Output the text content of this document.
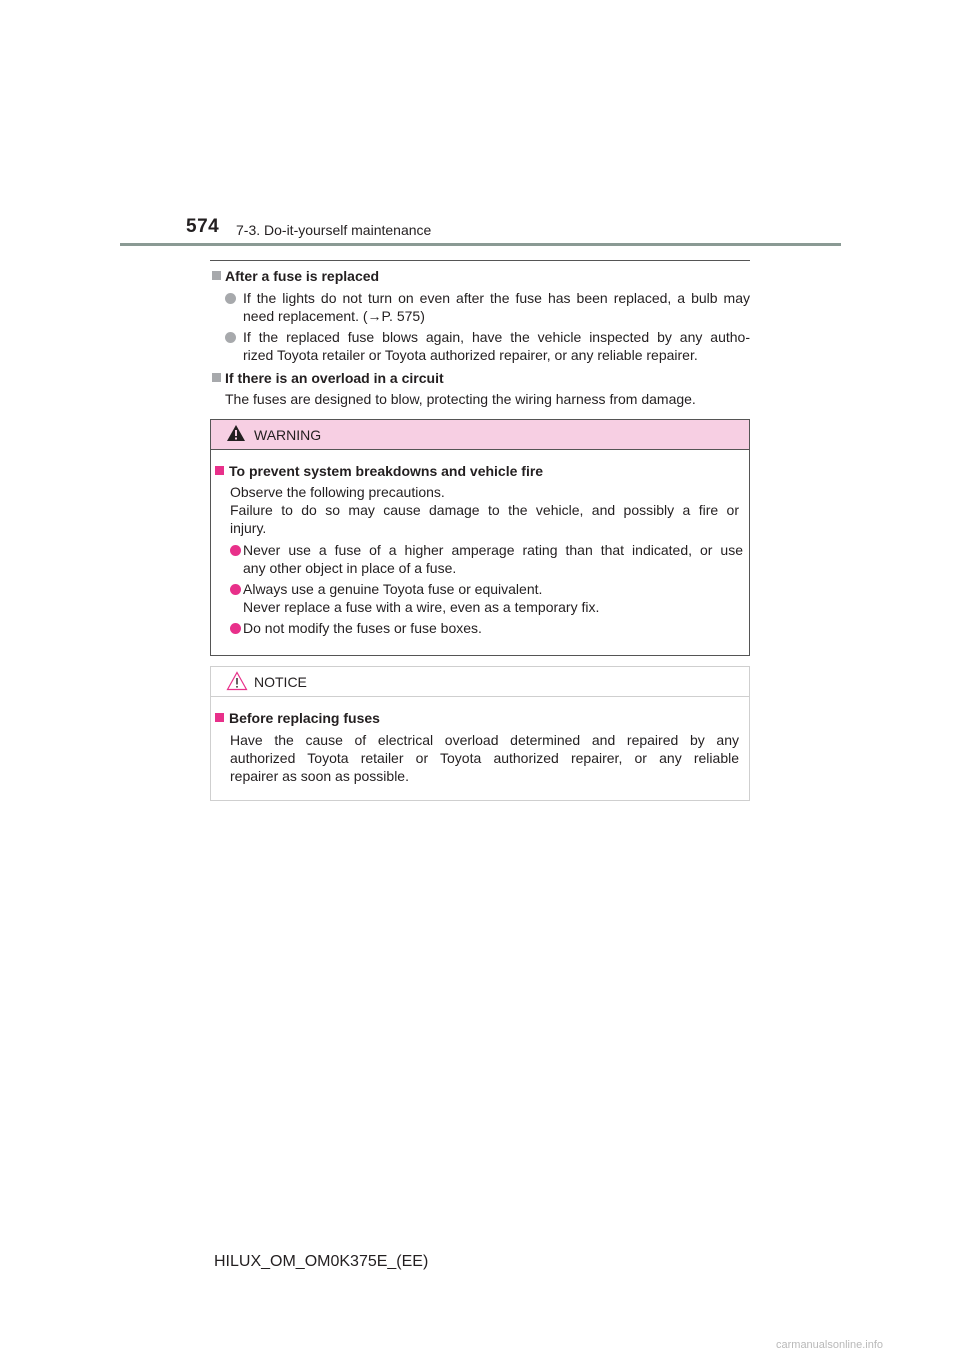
574 7-3. Do-it-yourself maintenance
After a fuse is replaced
If the lights do not turn on even after the fuse has been replaced, a bulb may
need replacement. (→P. 575)
If the replaced fuse blows again, have the vehicle inspected by any autho-
rized Toyota retailer or Toyota authorized repairer, or any reliable repairer.
If there is an overload in a circuit
The fuses are designed to blow, protecting the wiring harness from damage.
WARNING
To prevent system breakdowns and vehicle fire
Observe the following precautions.
Failure to do so may cause damage to the vehicle, and possibly a fire or
injury.
Never use a fuse of a higher amperage rating than that indicated, or use
any other object in place of a fuse.
Always use a genuine Toyota fuse or equivalent.
Never replace a fuse with a wire, even as a temporary fix.
Do not modify the fuses or fuse boxes.
NOTICE
Before replacing fuses
Have the cause of electrical overload determined and repaired by any
authorized Toyota retailer or Toyota authorized repairer, or any reliable
repairer as soon as possible.
HILUX_OM_OM0K375E_(EE)
carmanualsonline.info
